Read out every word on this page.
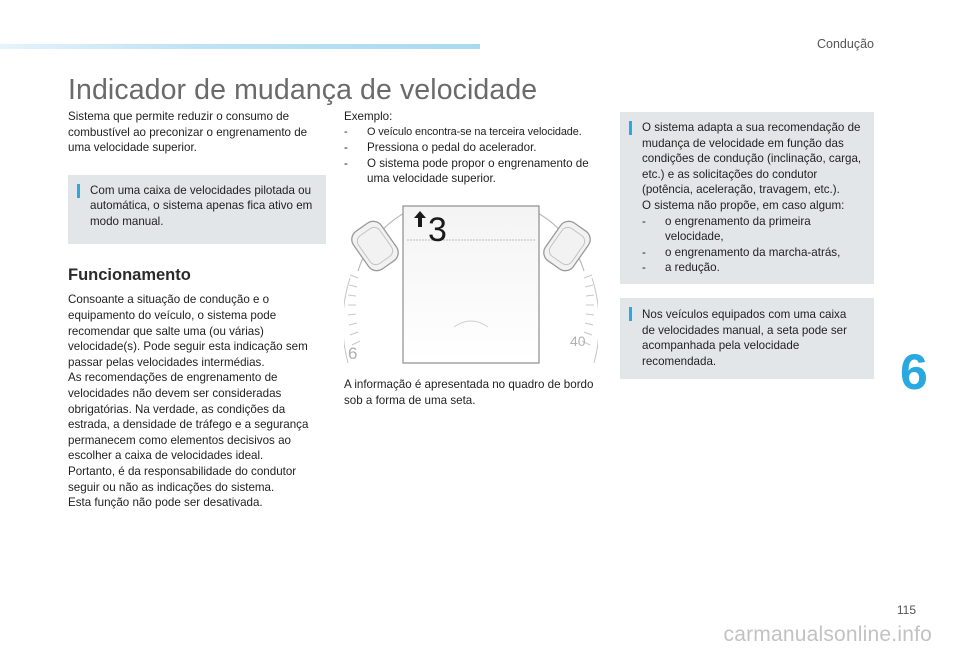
Condução
Indicador de mudança de velocidade

Sistema que permite reduzir o consumo de combustível ao preconizar o engrenamento de uma velocidade superior.

Com uma caixa de velocidades pilotada ou automática, o sistema apenas fica ativo em modo manual.

Funcionamento

Consoante a situação de condução e o equipamento do veículo, o sistema pode recomendar que salte uma (ou várias) velocidade(s). Pode seguir esta indicação sem passar pelas velocidades intermédias.

As recomendações de engrenamento de velocidades não devem ser consideradas obrigatórias. Na verdade, as condições da estrada, a densidade de tráfego e a segurança permanecem como elementos decisivos ao escolher a caixa de velocidades ideal.

Portanto, é da responsabilidade do condutor seguir ou não as indicações do sistema.

Esta função não pode ser desativada.

Exemplo:

- O veículo encontra-se na terceira velocidade.
- Pressiona o pedal do acelerador.
- O sistema pode propor o engrenamento de uma velocidade superior.
6
40
3

A informação é apresentada no quadro de bordo sob a forma de uma seta.

O sistema adapta a sua recomendação de mudança de velocidade em função das condições de condução (inclinação, carga, etc.) e as solicitações do condutor (potência, aceleração, travagem, etc.).

O sistema não propõe, em caso algum:

- o engrenamento da primeira velocidade,
- o engrenamento da marcha-atrás,
- a redução.

Nos veículos equipados com uma caixa de velocidades manual, a seta pode ser acompanhada pela velocidade recomendada.	6
115
carmanualsonline.info
